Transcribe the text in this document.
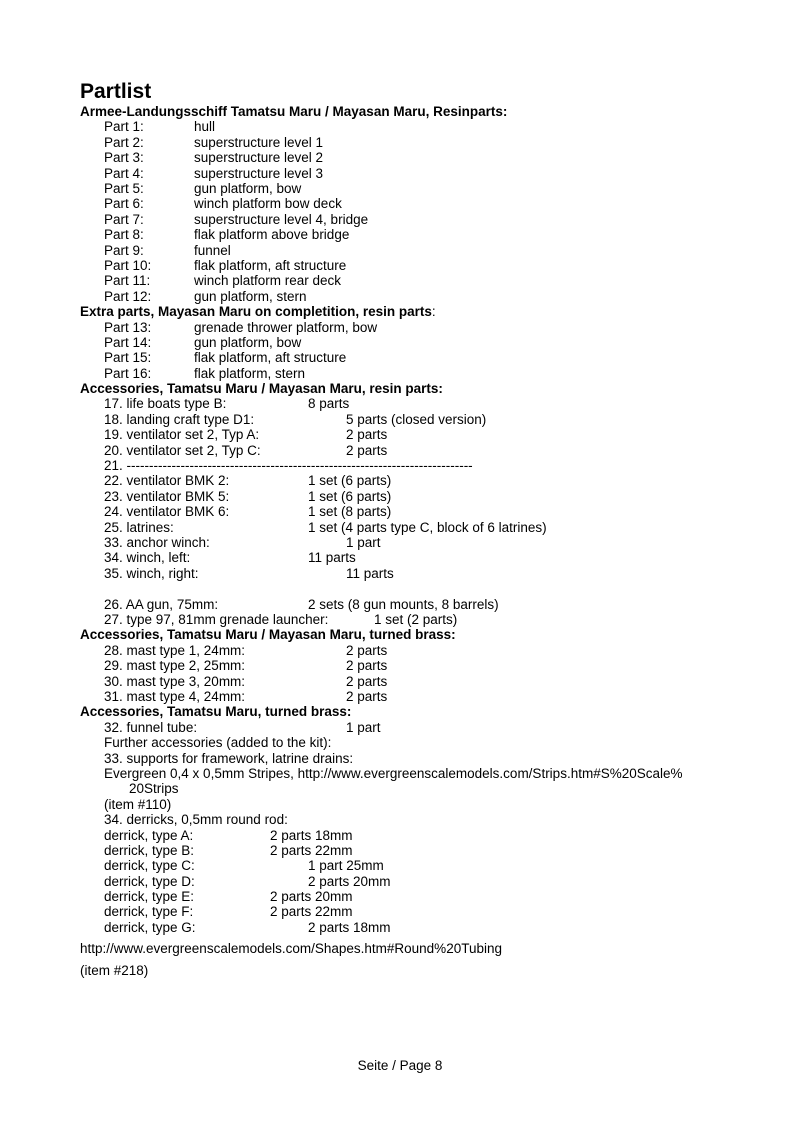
Partlist
Armee-Landungsschiff Tamatsu Maru / Mayasan Maru, Resinparts:
Part 1:	hull
Part 2:	superstructure level 1
Part 3:	superstructure level 2
Part 4:	superstructure level 3
Part 5:	gun platform, bow
Part 6:	winch platform bow deck
Part 7:	superstructure level 4, bridge
Part 8:	flak platform above bridge
Part 9:	funnel
Part 10:	flak platform, aft structure
Part 11:	winch platform rear deck
Part 12:	gun platform, stern
Extra parts, Mayasan Maru on completition, resin parts:
Part 13:	grenade thrower platform, bow
Part 14:	gun platform, bow
Part 15:	flak platform, aft structure
Part 16:	flak platform, stern
Accessories, Tamatsu Maru / Mayasan Maru, resin parts:
17. life boats type B:	8 parts
18. landing craft type D1:	5 parts (closed version)
19. ventilator set 2, Typ A:	2 parts
20. ventilator set 2, Typ C:	2 parts
21. -----------------------------------------------------------------------------
22. ventilator BMK 2:	1 set (6 parts)
23. ventilator BMK 5:	1 set (6 parts)
24. ventilator BMK 6:	1 set (8 parts)
25. latrines:	1 set (4 parts type C, block of 6 latrines)
33. anchor winch:	1 part
34. winch, left:	11 parts
35. winch, right:	11 parts
26. AA gun, 75mm:	2 sets (8 gun mounts, 8 barrels)
27. type 97, 81mm grenade launcher:	1 set (2 parts)
Accessories, Tamatsu Maru / Mayasan Maru, turned brass:
28. mast type 1, 24mm:	2 parts
29. mast type 2, 25mm:	2 parts
30. mast type 3, 20mm:	2 parts
31. mast type 4, 24mm:	2 parts
Accessories, Tamatsu Maru, turned brass:
32. funnel tube:	1 part
Further accessories (added to the kit):
33. supports for framework, latrine drains:
Evergreen 0,4 x 0,5mm Stripes, http://www.evergreenscalemodels.com/Strips.htm#S%20Scale%
20Strips
(item #110)
34. derricks, 0,5mm round rod:
derrick, type A:	2 parts 18mm
derrick, type B:	2 parts 22mm
derrick, type C:	1 part 25mm
derrick, type D:	2 parts 20mm
derrick, type E:	2 parts 20mm
derrick, type F:	2 parts 22mm
derrick, type G:	2 parts 18mm
http://www.evergreenscalemodels.com/Shapes.htm#Round%20Tubing
(item #218)
Seite / Page 8
